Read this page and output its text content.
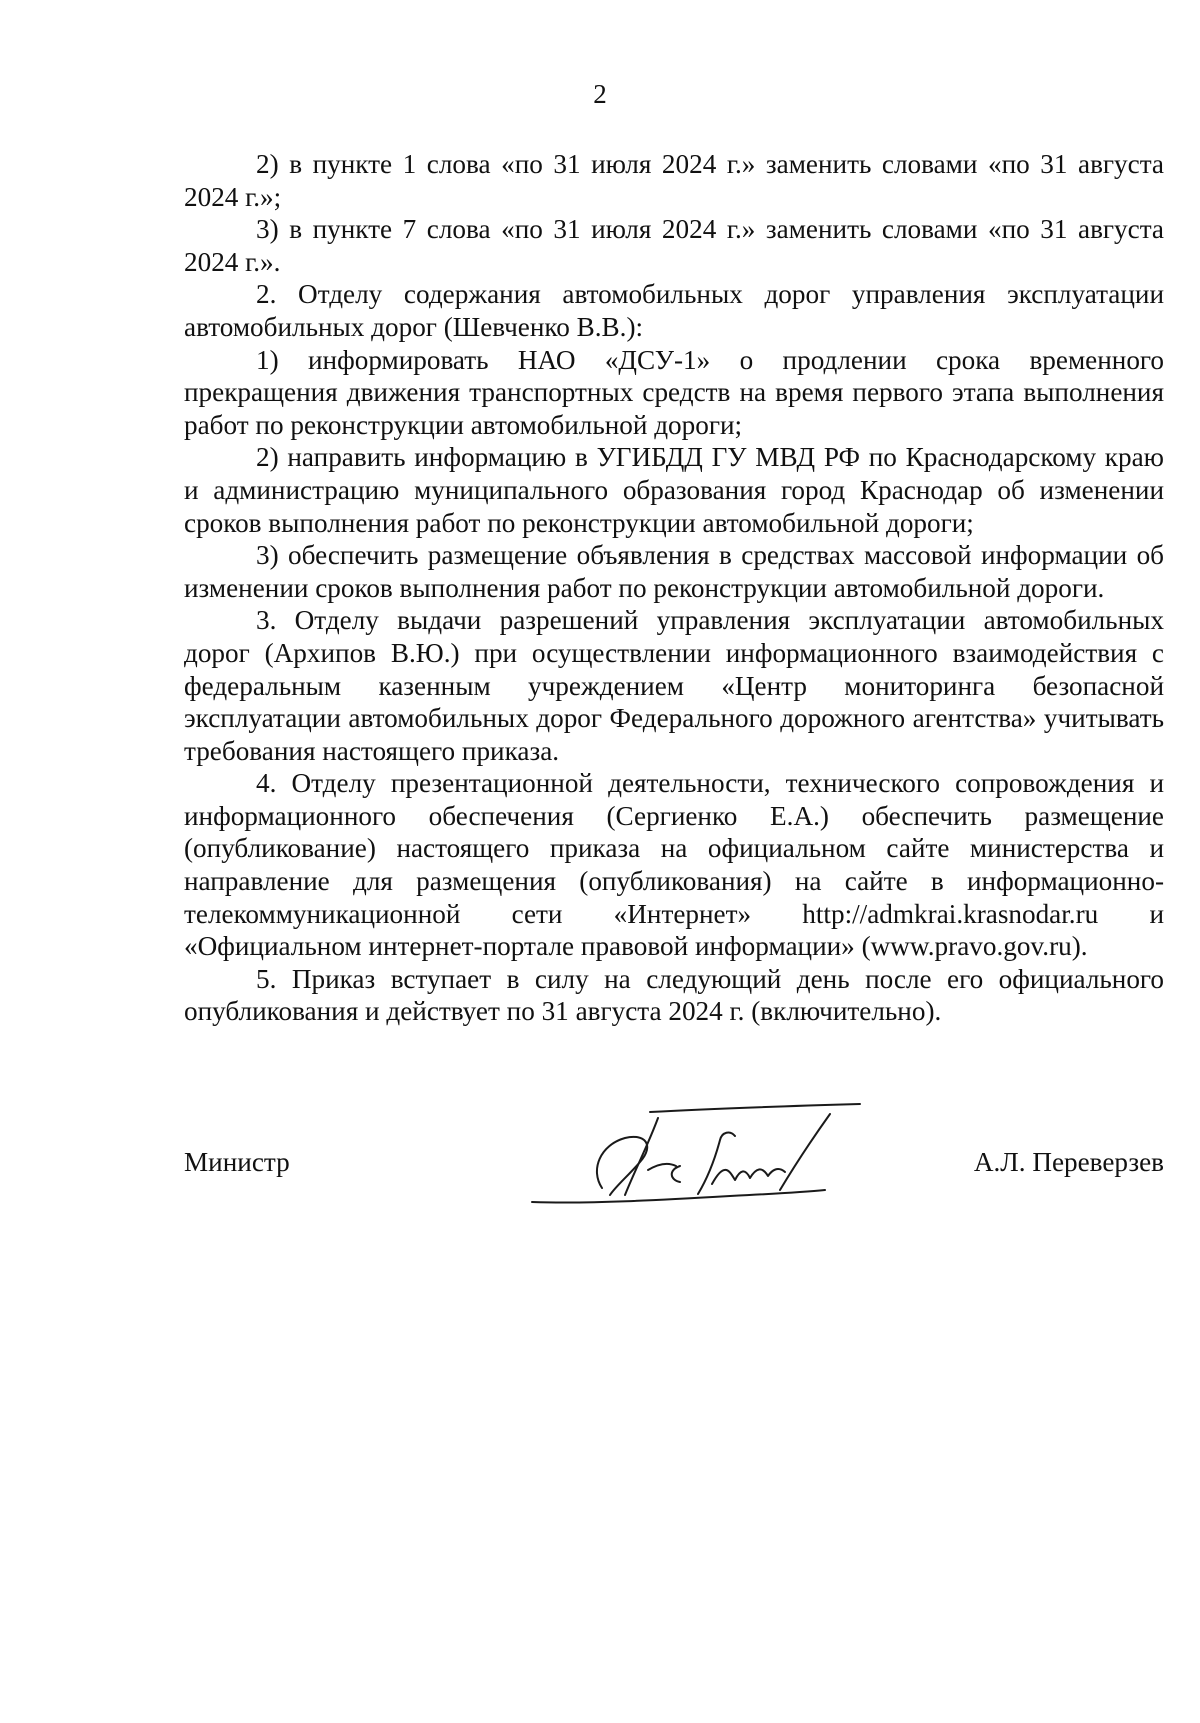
2

2) в пункте 1 слова «по 31 июля 2024 г.» заменить словами «по 31 августа 2024 г.»;

3) в пункте 7 слова «по 31 июля 2024 г.» заменить словами «по 31 августа 2024 г.».

2. Отделу содержания автомобильных дорог управления эксплуатации автомобильных дорог (Шевченко В.В.):

1) информировать НАО «ДСУ-1» о продлении срока временного прекращения движения транспортных средств на время первого этапа выполнения работ по реконструкции автомобильной дороги;

2) направить информацию в УГИБДД ГУ МВД РФ по Краснодарскому краю и администрацию муниципального образования город Краснодар об изменении сроков выполнения работ по реконструкции автомобильной дороги;

3) обеспечить размещение объявления в средствах массовой информации об изменении сроков выполнения работ по реконструкции автомобильной дороги.

3. Отделу выдачи разрешений управления эксплуатации автомобильных дорог (Архипов В.Ю.) при осуществлении информационного взаимодействия с федеральным казенным учреждением «Центр мониторинга безопасной эксплуатации автомобильных дорог Федерального дорожного агентства» учитывать требования настоящего приказа.

4. Отделу презентационной деятельности, технического сопровождения и информационного обеспечения (Сергиенко Е.А.) обеспечить размещение (опубликование) настоящего приказа на официальном сайте министерства и направление для размещения (опубликования) на сайте в информационно-телекоммуникационной сети «Интернет» http://admkrai.krasnodar.ru и «Официальном интернет-портале правовой информации» (www.pravo.gov.ru).

5. Приказ вступает в силу на следующий день после его официального опубликования и действует по 31 августа 2024 г. (включительно).

Министр	А.Л. Переверзев
